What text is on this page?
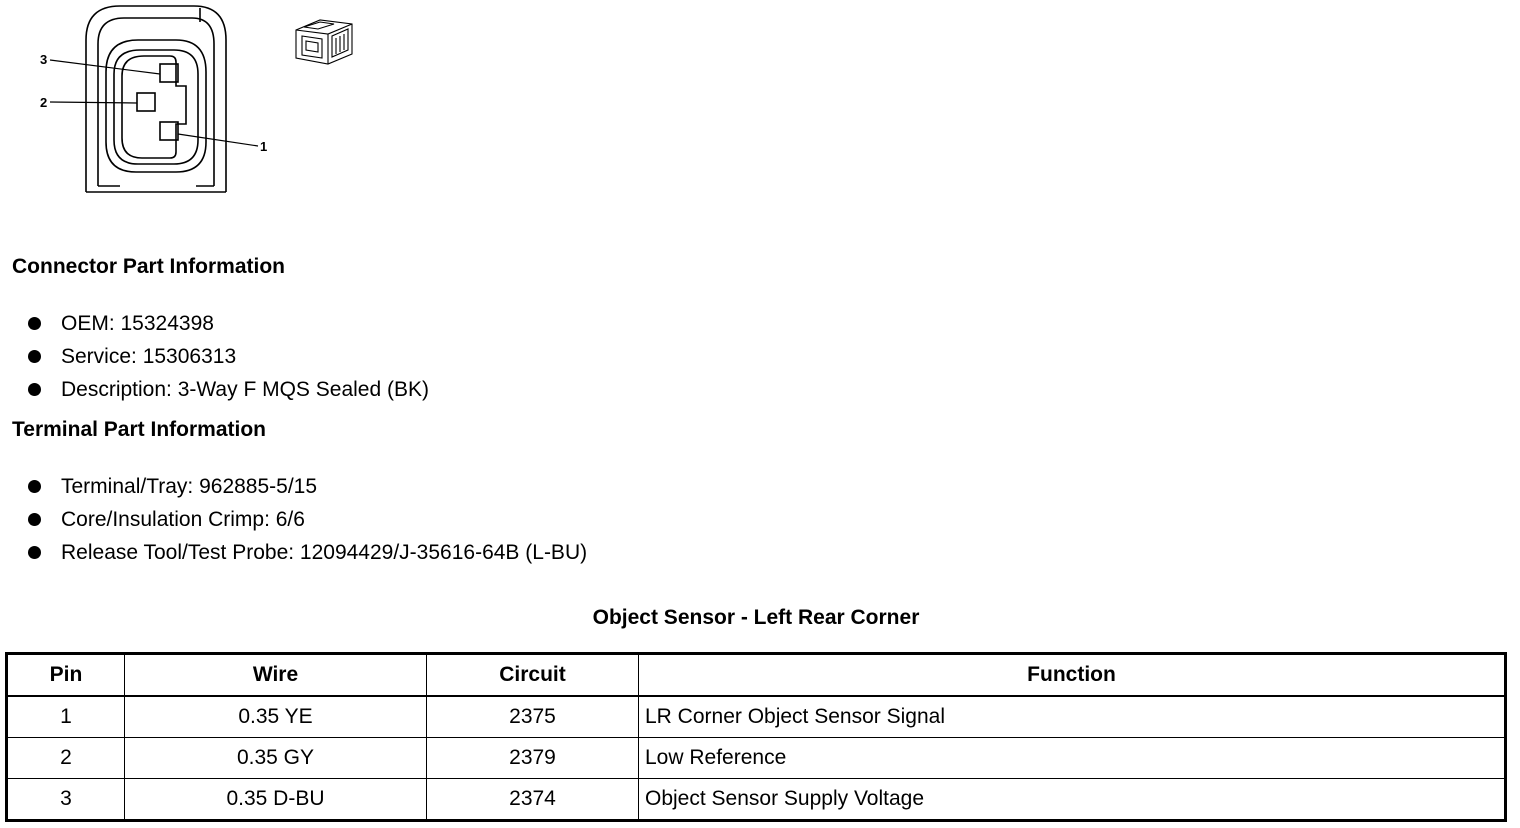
3
2
1
Connector Part Information
OEM: 15324398
Service: 15306313
Description: 3-Way F MQS Sealed (BK)
Terminal Part Information
Terminal/Tray: 962885-5/15
Core/Insulation Crimp: 6/6
Release Tool/Test Probe: 12094429/J-35616-64B (L-BU)
Object Sensor - Left Rear Corner
Pin	Wire	Circuit	Function
1	0.35 YE	2375	LR Corner Object Sensor Signal
2	0.35 GY	2379	Low Reference
3	0.35 D-BU	2374	Object Sensor Supply Voltage
